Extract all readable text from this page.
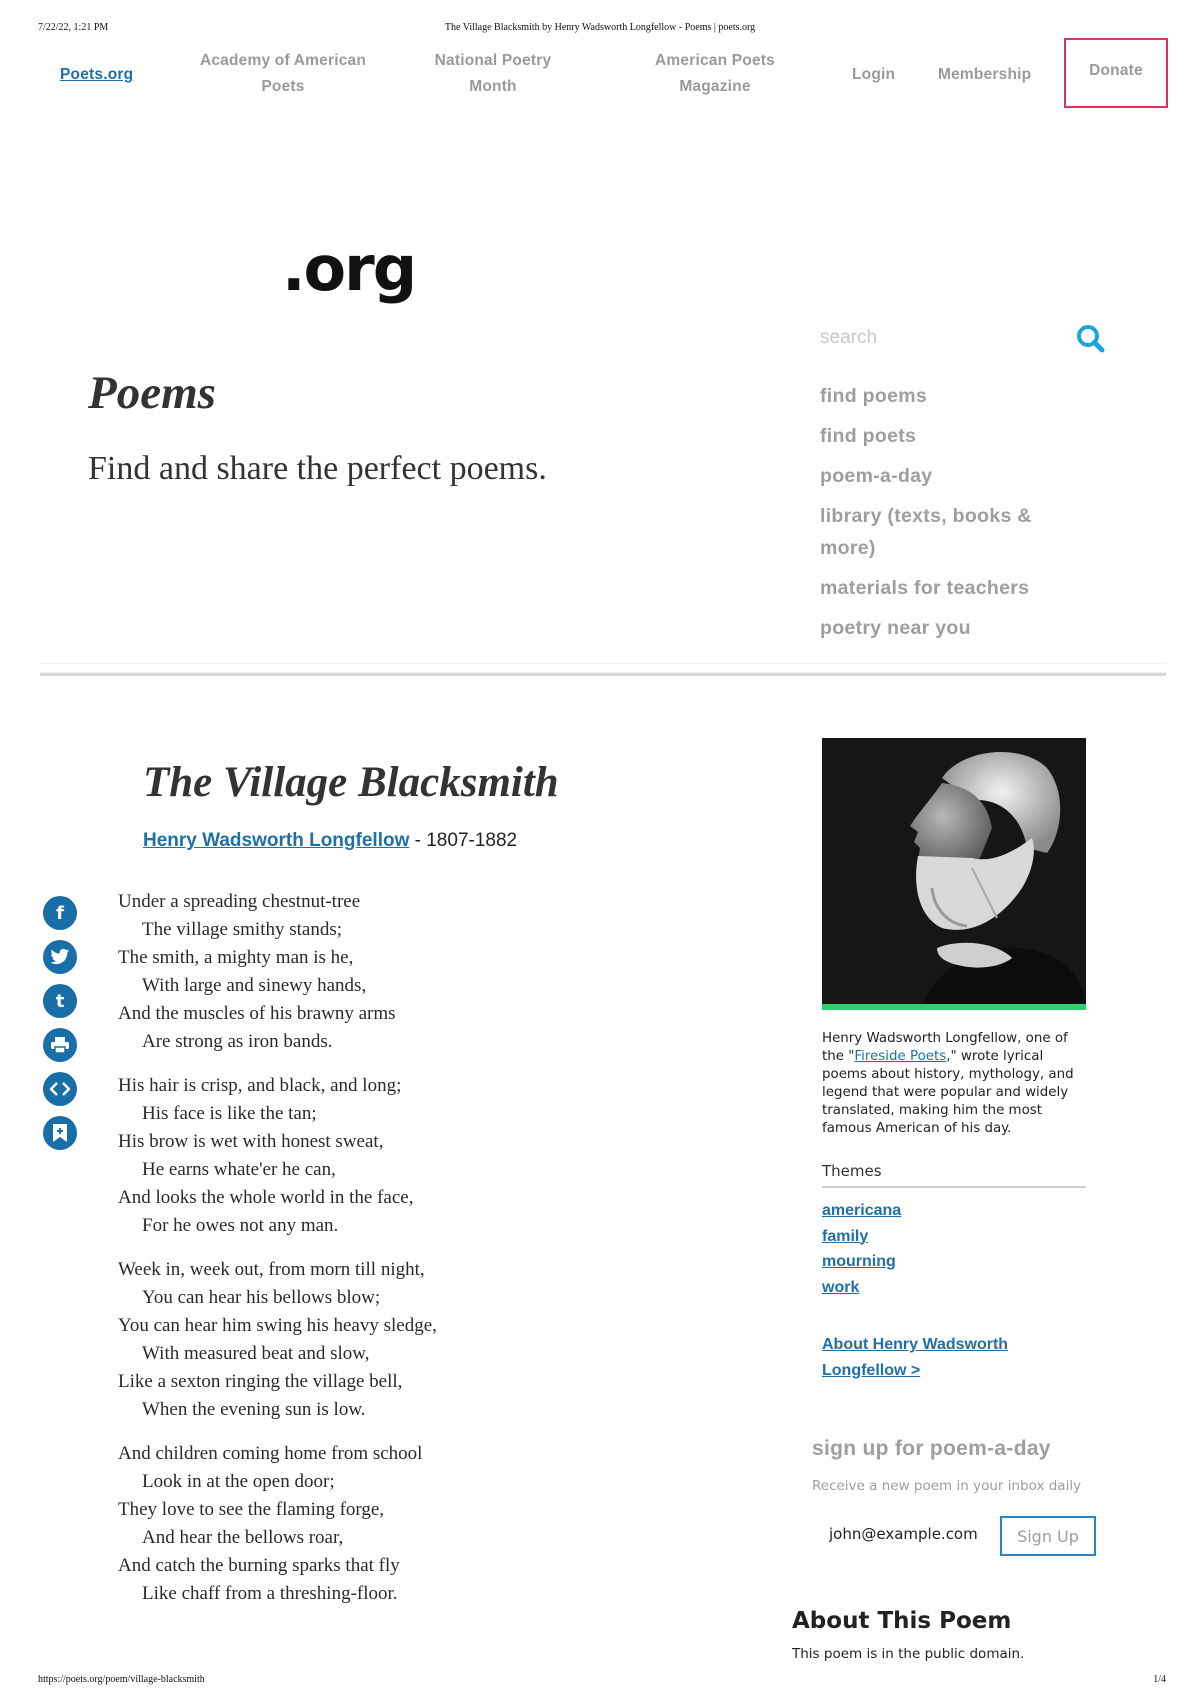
7/22/22, 1:21 PM	The Village Blacksmith by Henry Wadsworth Longfellow - Poems | poets.org
Poets.org
Academy of American Poets
National Poetry Month
American Poets Magazine
Login	Membership	Donate
.org
Poems
Find and share the perfect poems.
search
find poems
find poets
poem-a-day
library (texts, books & more)
materials for teachers
poetry near you
The Village Blacksmith
Henry Wadsworth Longfellow - 1807-1882
f
t
Under a spreading chestnut-tree
The village smithy stands;
The smith, a mighty man is he,
With large and sinewy hands,
And the muscles of his brawny arms
Are strong as iron bands.
His hair is crisp, and black, and long;
His face is like the tan;
His brow is wet with honest sweat,
He earns whate'er he can,
And looks the whole world in the face,
For he owes not any man.
Week in, week out, from morn till night,
You can hear his bellows blow;
You can hear him swing his heavy sledge,
With measured beat and slow,
Like a sexton ringing the village bell,
When the evening sun is low.
And children coming home from school
Look in at the open door;
They love to see the flaming forge,
And hear the bellows roar,
And catch the burning sparks that fly
Like chaff from a threshing-floor.
Henry Wadsworth Longfellow, one of the "Fireside Poets," wrote lyrical poems about history, mythology, and legend that were popular and widely translated, making him the most famous American of his day.
Themes
americana
family
mourning
work
About Henry Wadsworth Longfellow >
sign up for poem-a-day
Receive a new poem in your inbox daily
john@example.com
Sign Up
About This Poem
This poem is in the public domain.
https://poets.org/poem/village-blacksmith	1/4
